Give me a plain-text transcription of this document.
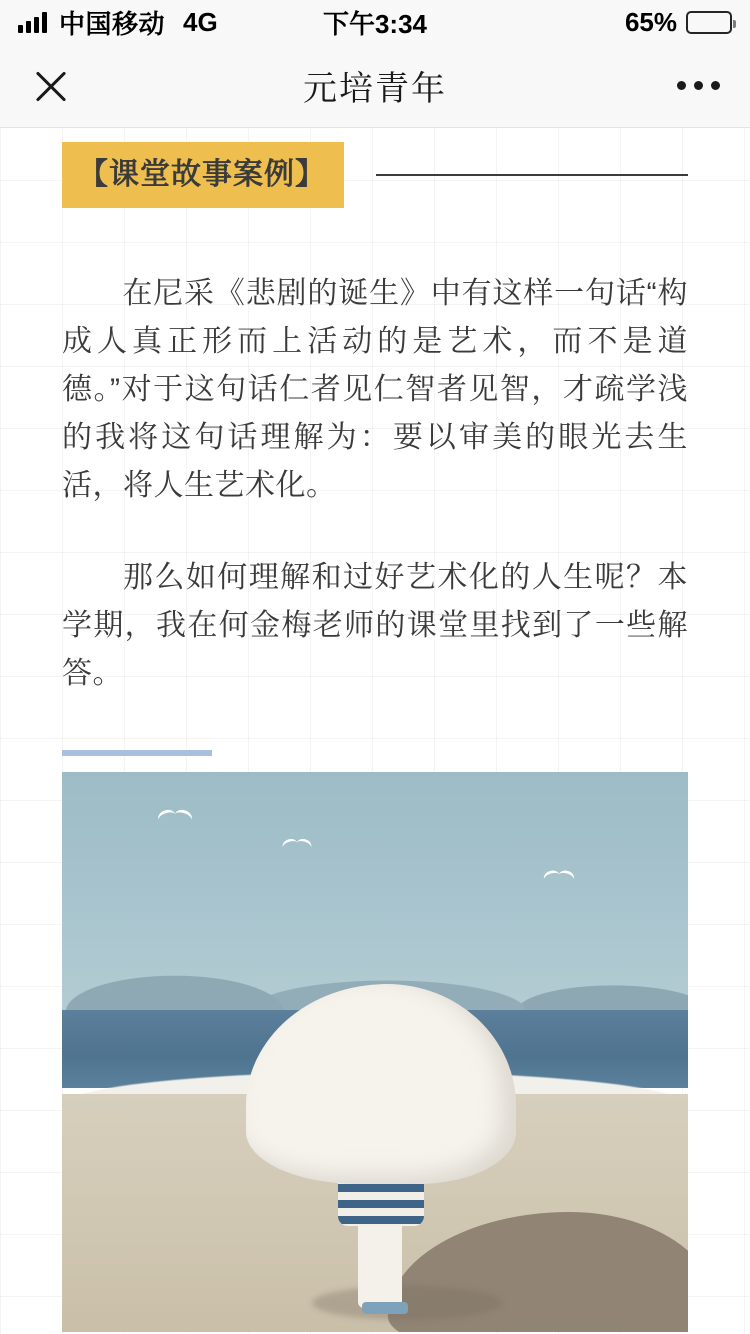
中国移动 4G	下午3:34	65%
元培青年
【课堂故事案例】

在尼采《悲剧的诞生》中有这样一句话“构成人真正形而上活动的是艺术，而不是道德。”对于这句话仁者见仁智者见智，才疏学浅的我将这句话理解为：要以审美的眼光去生活，将人生艺术化。

那么如何理解和过好艺术化的人生呢？本学期，我在何金梅老师的课堂里找到了一些解答。
